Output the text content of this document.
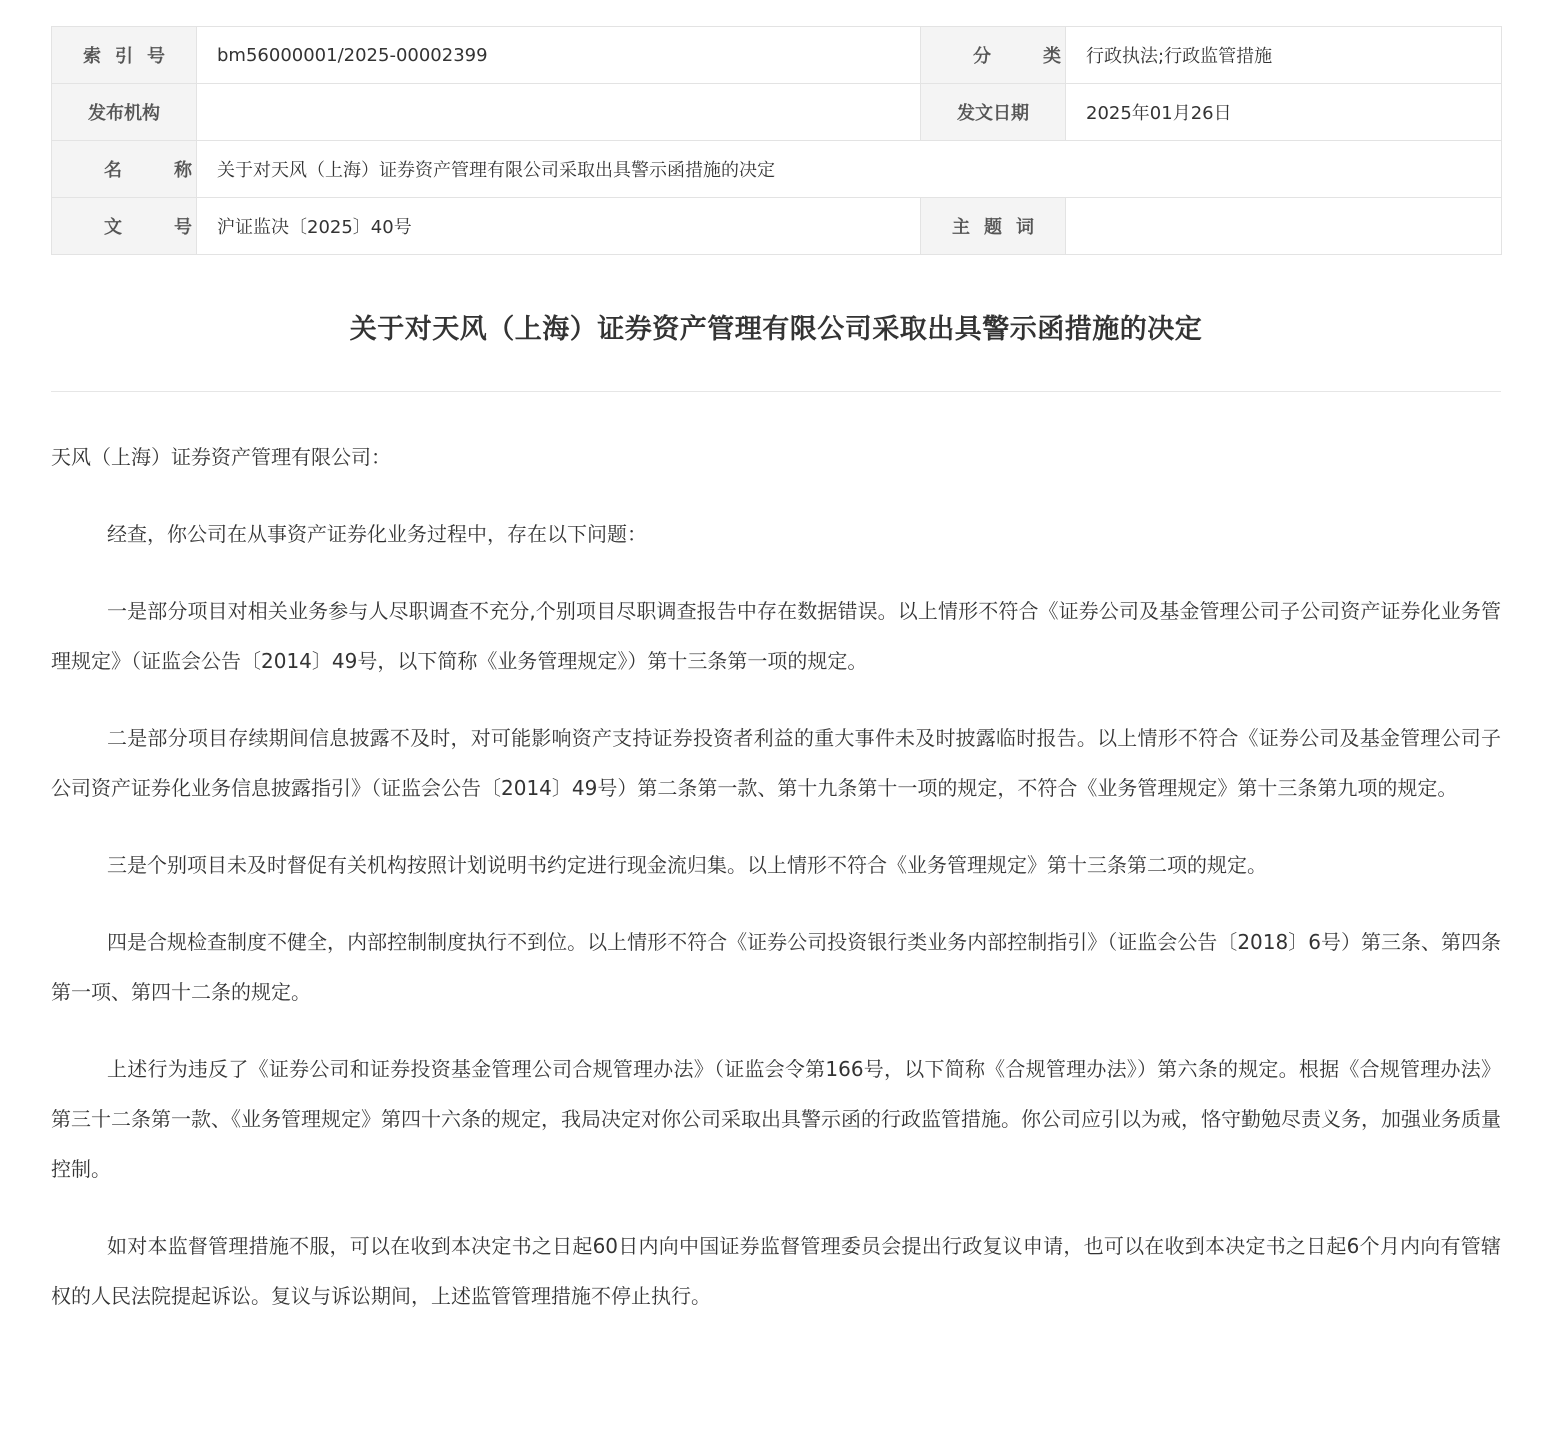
索引号	bm56000001/2025-00002399	分类	行政执法;行政监管措施
发布机构		发文日期	2025年01月26日
名称	关于对天风（上海）证券资产管理有限公司采取出具警示函措施的决定		
文号	沪证监决〔2025〕40号	主题词	
关于对天风（上海）证券资产管理有限公司采取出具警示函措施的决定

天风（上海）证券资产管理有限公司：

经查，你公司在从事资产证券化业务过程中，存在以下问题：

一是部分项目对相关业务参与人尽职调查不充分,个别项目尽职调查报告中存在数据错误。以上情形不符合《证券公司及基金管理公司子公司资产证券化业务管理规定》（证监会公告〔2014〕49号，以下简称《业务管理规定》）第十三条第一项的规定。

二是部分项目存续期间信息披露不及时，对可能影响资产支持证券投资者利益的重大事件未及时披露临时报告。以上情形不符合《证券公司及基金管理公司子公司资产证券化业务信息披露指引》（证监会公告〔2014〕49号）第二条第一款、第十九条第十一项的规定，不符合《业务管理规定》第十三条第九项的规定。

三是个别项目未及时督促有关机构按照计划说明书约定进行现金流归集。以上情形不符合《业务管理规定》第十三条第二项的规定。

四是合规检查制度不健全，内部控制制度执行不到位。以上情形不符合《证券公司投资银行类业务内部控制指引》（证监会公告〔2018〕6号）第三条、第四条第一项、第四十二条的规定。

上述行为违反了《证券公司和证券投资基金管理公司合规管理办法》（证监会令第166号，以下简称《合规管理办法》）第六条的规定。根据《合规管理办法》第三十二条第一款、《业务管理规定》第四十六条的规定，我局决定对你公司采取出具警示函的行政监管措施。你公司应引以为戒，恪守勤勉尽责义务，加强业务质量控制。

如对本监督管理措施不服，可以在收到本决定书之日起60日内向中国证券监督管理委员会提出行政复议申请，也可以在收到本决定书之日起6个月内向有管辖权的人民法院提起诉讼。复议与诉讼期间，上述监管管理措施不停止执行。
